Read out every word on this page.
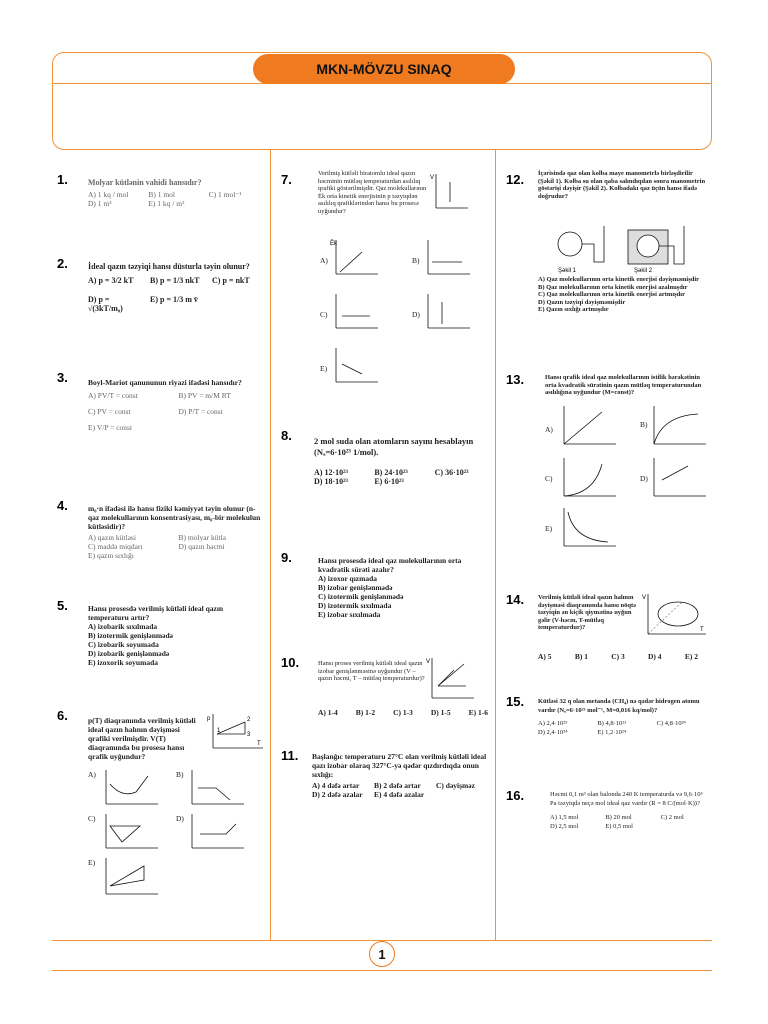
MKN-MÖVZU SINAQ
1
1.	Molyar kütlənin vahidi hansıdır?
A) 1 kq / mol	B) 1 mol	C) 1 mol⁻¹
D) 1 m³	E) 1 kq / m³
2.	İdeal qazın təzyiqi hansı düsturla təyin olunur?
A) p = 3/2 kT	B) p = 1/3 nkT	C) p = nkT
D) p = √(3kT/m₀)
E) p = 1/3 m v̄
3.	Boyl-Mariot qanununun riyazi ifadəsi hansıdır?
A) PV/T = const	B) PV = m/M RT
C) PV = const	D) P/T = const
E) V/P = const
4.	m₀·n ifadəsi ilə hansı fiziki kəmiyyət təyin olunur (n-qaz molekullarının konsentrasiyası, m₀-bir molekulun kütləsidir)?
A) qazın kütləsi	B) molyar kütlə
C) maddə miqdarı	D) qazın həcmi
E) qazın sıxlığı
5.	Hansı prosesdə verilmiş kütləli ideal qazın temperaturu artır?
A) izobarik sıxılmada
B) izotermik genişlənmədə
C) izobarik soyumada
D) izobarik genişlənmədə
E) izoxorik soyumada
6.	p(T) diaqramında verilmiş kütləli ideal qazın halının dəyişməsi qrafiki verilmişdir. V(T) diaqramında bu prosesə hansı qrafik uyğundur?
p
T
2
3
1
A)	B)
C)	D)
E)
7.	Verilmiş kütləli biratomlu ideal qazın həcminin mütləq temperaturdan asılılıq qrafiki göstərilmişdir. Qaz molekullarının Ēk orta kinetik enerjisinin p təzyiqdən asılılıq qrafiklərindən hansı bu prosesə uyğundur?
V
A)
Ēk
B)
C)	D)
E)
8.	2 mol suda olan atomların sayını hesablayın (Nₐ=6·10²³ 1/mol).
A) 12·10²³	B) 24·10²³	C) 36·10²³
D) 18·10²³	E) 6·10²³
9.	Hansı prosesdə ideal qaz molekullarının orta kvadratik sürəti azalır?
A) izoxor qızmada
B) izobar genişlənmədə
C) izotermik genişlənmədə
D) izotermik sıxılmada
E) izobar sıxılmada
10.	Hansı proses verilmiş kütləli ideal qazın izobar genişlənməsinə uyğundur (V – qazın həcmi, T – mütləq temperaturdur)?
V
A) 1-4 B) 1-2 C) 1-3 D) 1-5 E) 1-6
11. Başlanğıc temperaturu 27°C olan verilmiş kütləli ideal qazı izobar olaraq 327°C-yə qədər qızdırdıqda onun sıxlığı:
A) 4 dəfə artar	B) 2 dəfə artar	C) dəyişməz
D) 2 dəfə azalar	E) 4 dəfə azalar
12. İçərisində qaz olan kolba maye manometrlə birləşdirilir (Şəkil 1). Kolba su olan qaba salındıqdan sonra manometrin göstərişi dəyişir (Şəkil 2). Kolbadakı qaz üçün hansı ifadə doğrudur?
Şəkil 1	Şəkil 2
A) Qaz molekullarının orta kinetik enerjisi dəyişməmişdir
B) Qaz molekullarının orta kinetik enerjisi azalmışdır
C) Qaz molekullarının orta kinetik enerjisi artmışdır
D) Qazın təzyiqi dəyişməmişdir
E) Qazın sıxlığı artmışdır
13.	Hansı qrafik ideal qaz molekullarının istilik hərəkətinin orta kvadratik sürətinin qazın mütləq temperaturundan asılılığına uyğundur (M=const)?
A)
B)
C)	D)
E)
14. Verilmiş kütləli ideal qazın halının dəyişməsi diaqramında hansı nöqtə təzyiqin ən kiçik qiymətinə uyğun gəlir (V-həcm, T-mütləq temperaturdur)?
V
T
A) 5	B) 1	C) 3	D) 4	E) 2
15. Kütləsi 32 q olan metanda (CH₄) nə qədər hidrogen atomu vardır (Nₐ=6·10²³ mol⁻¹, M=0,016 kq/mol)?
A) 2,4·10²⁵	B) 4,8·10²³	C) 4,8·10²⁴
D) 2,4·10²⁴	E) 1,2·10²⁴
16.	Həcmi 0,1 m³ olan balonda 240 K temperaturda və 9,6·10⁵ Pa təzyiqdə neçə mol ideal qaz vardır (R = 8 C/(mol·K))?
A) 1,5 mol	B) 20 mol	C) 2 mol
D) 2,5 mol	E) 0,5 mol
